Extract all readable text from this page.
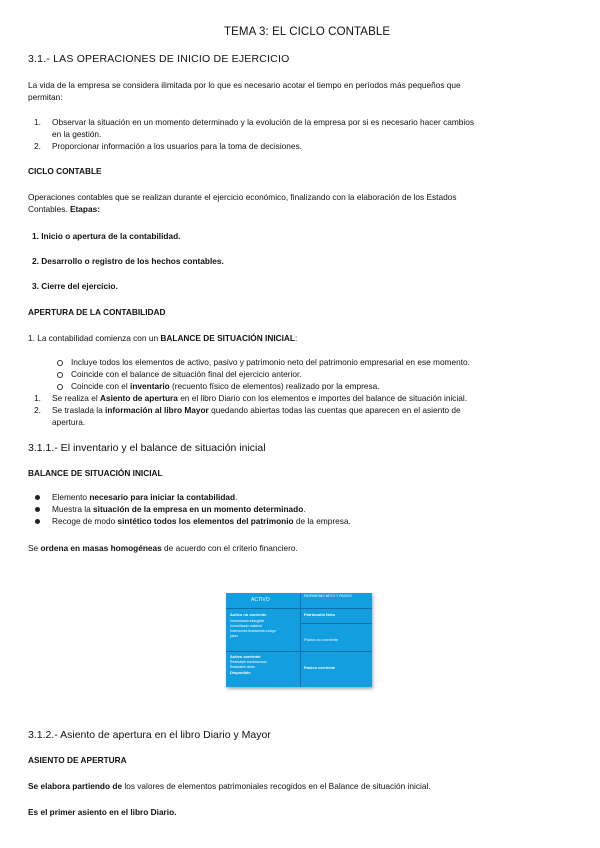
TEMA 3: EL CICLO CONTABLE
3.1.- LAS OPERACIONES DE INICIO DE EJERCICIO
La vida de la empresa se considera ilimitada por lo que es necesario acotar el tiempo en períodos más pequeños que
permitan:
1. Observar la situación en un momento determinado y la evolución de la empresa por si es necesario hacer cambios
en la gestión.
2. Proporcionar información a los usuarios para la toma de decisiones.
CICLO CONTABLE
Operaciones contables que se realizan durante el ejercicio económico, finalizando con la elaboración de los Estados
Contables. Etapas:
1. Inicio o apertura de la contabilidad.
2. Desarrollo o registro de los hechos contables.
3. Cierre del ejercicio.
APERTURA DE LA CONTABILIDAD
1. La contabilidad comienza con un BALANCE DE SITUACIÓN INICIAL:
Incluye todos los elementos de activo, pasivo y patrimonio neto del patrimonio empresarial en ese momento.
Coincide con el balance de situación final del ejercicio anterior.
Coincide con el inventario (recuento físico de elementos) realizado por la empresa.
1. Se realiza el Asiento de apertura en el libro Diario con los elementos e importes del balance de situación inicial.
2. Se traslada la información al libro Mayor quedando abiertas todas las cuentas que aparecen en el asiento de
apertura.
3.1.1.- El inventario y el balance de situación inicial
BALANCE DE SITUACIÓN INICIAL
Elemento necesario para iniciar la contabilidad.
Muestra la situación de la empresa en un momento determinado.
Recoge de modo sintético todos los elementos del patrimonio de la empresa.
Se ordena en masas homogéneas de acuerdo con el criterio financiero.
ACTIVO
PATRIMONIO NETO Y PASIVO
Activo no corriente
Inmovilizado intangible
Inmovilizado material
Inversiones financieras a largo
plazo
Activo corriente
Realizable condicionado
Realizable cierto
Disponible
Patrimonio Neto
Pasivo no corriente
Pasivo corriente
3.1.2.- Asiento de apertura en el libro Diario y Mayor
ASIENTO DE APERTURA
Se elabora partiendo de los valores de elementos patrimoniales recogidos en el Balance de situación inicial.
Es el primer asiento en el libro Diario.
